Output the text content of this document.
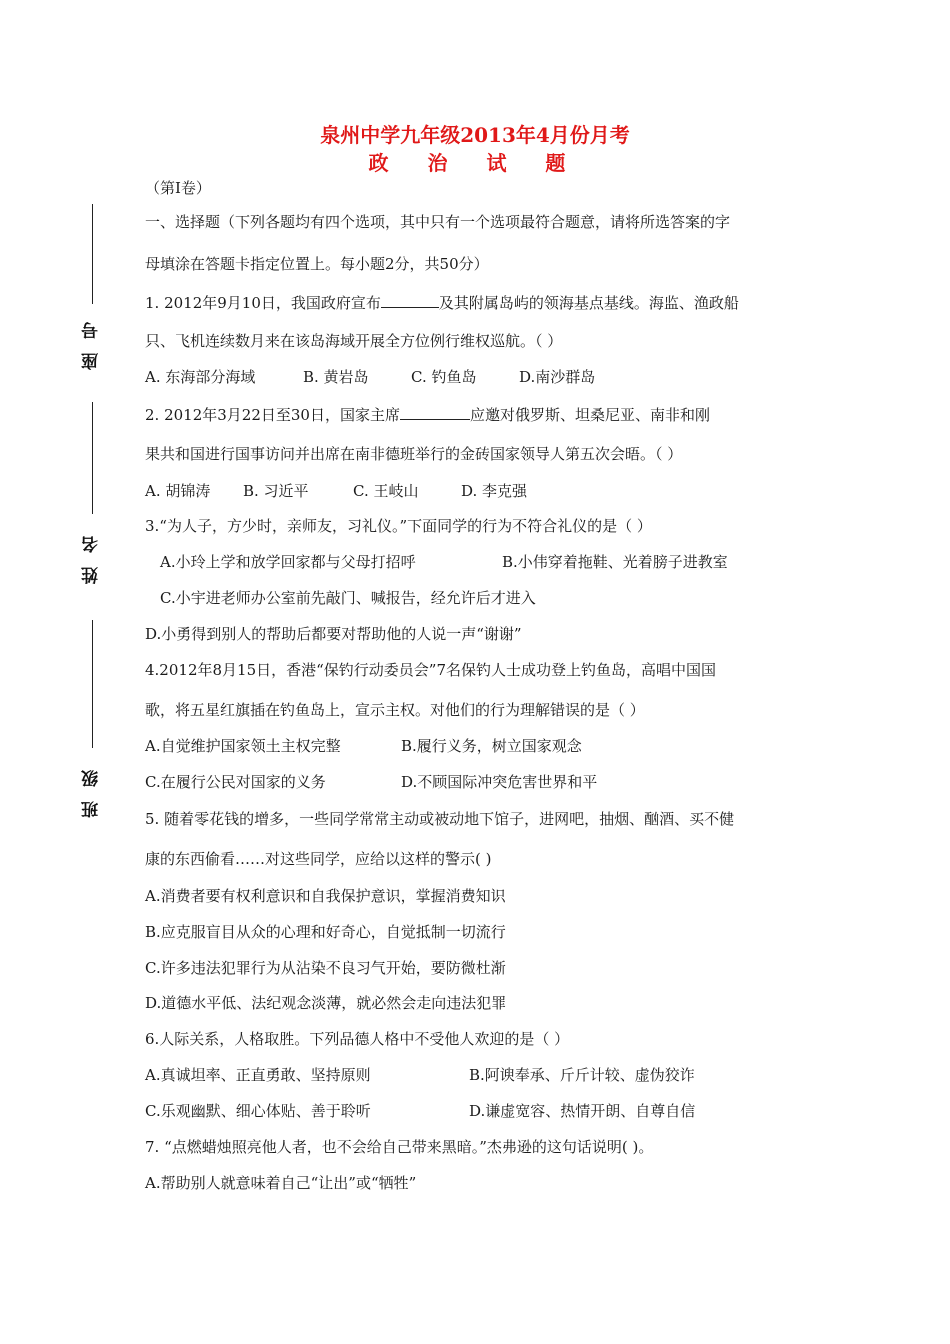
泉州中学九年级2013年4月份月考
政 治 试 题
座号
姓名
班级
（第Ⅰ卷）
一、选择题（下列各题均有四个选项，其中只有一个选项最符合题意，请将所选答案的字
母填涂在答题卡指定位置上。每小题2分，共50分）
1. 2012年9月10日，我国政府宣布	及其附属岛屿的领海基点基线。海监、渔政船
只、飞机连续数月来在该岛海域开展全方位例行维权巡航。（ ）
A. 东海部分海域	B. 黄岩岛	C. 钓鱼岛	D.南沙群岛
2. 2012年3月22日至30日，国家主席	应邀对俄罗斯、坦桑尼亚、南非和刚
果共和国进行国事访问并出席在南非德班举行的金砖国家领导人第五次会晤。（ ）
A. 胡锦涛 B. 习近平	C. 王岐山	D. 李克强
3.“为人子，方少时，亲师友，习礼仪。”下面同学的行为不符合礼仪的是（ ）
A.小玲上学和放学回家都与父母打招呼	B.小伟穿着拖鞋、光着膀子进教室
C.小宇进老师办公室前先敲门、喊报告，经允许后才进入
D.小勇得到别人的帮助后都要对帮助他的人说一声“谢谢”
4.2012年8月15日，香港“保钓行动委员会”7名保钓人士成功登上钓鱼岛，高唱中国国
歌，将五星红旗插在钓鱼岛上，宣示主权。对他们的行为理解错误的是（ ）
A.自觉维护国家领土主权完整	B.履行义务，树立国家观念
C.在履行公民对国家的义务	D.不顾国际冲突危害世界和平
5. 随着零花钱的增多，一些同学常常主动或被动地下馆子，进网吧，抽烟、酗酒、买不健
康的东西偷看……对这些同学，应给以这样的警示( )
A.消费者要有权利意识和自我保护意识，掌握消费知识
B.应克服盲目从众的心理和好奇心，自觉抵制一切流行
C.许多违法犯罪行为从沾染不良习气开始，要防微杜渐
D.道德水平低、法纪观念淡薄，就必然会走向违法犯罪
6.人际关系，人格取胜。下列品德人格中不受他人欢迎的是（ ）
A.真诚坦率、正直勇敢、坚持原则	B.阿谀奉承、斤斤计较、虚伪狡诈
C.乐观幽默、细心体贴、善于聆听	D.谦虚宽容、热情开朗、自尊自信
7. “点燃蜡烛照亮他人者，也不会给自己带来黑暗。”杰弗逊的这句话说明( )。
A.帮助别人就意味着自己“让出”或“牺牲”
